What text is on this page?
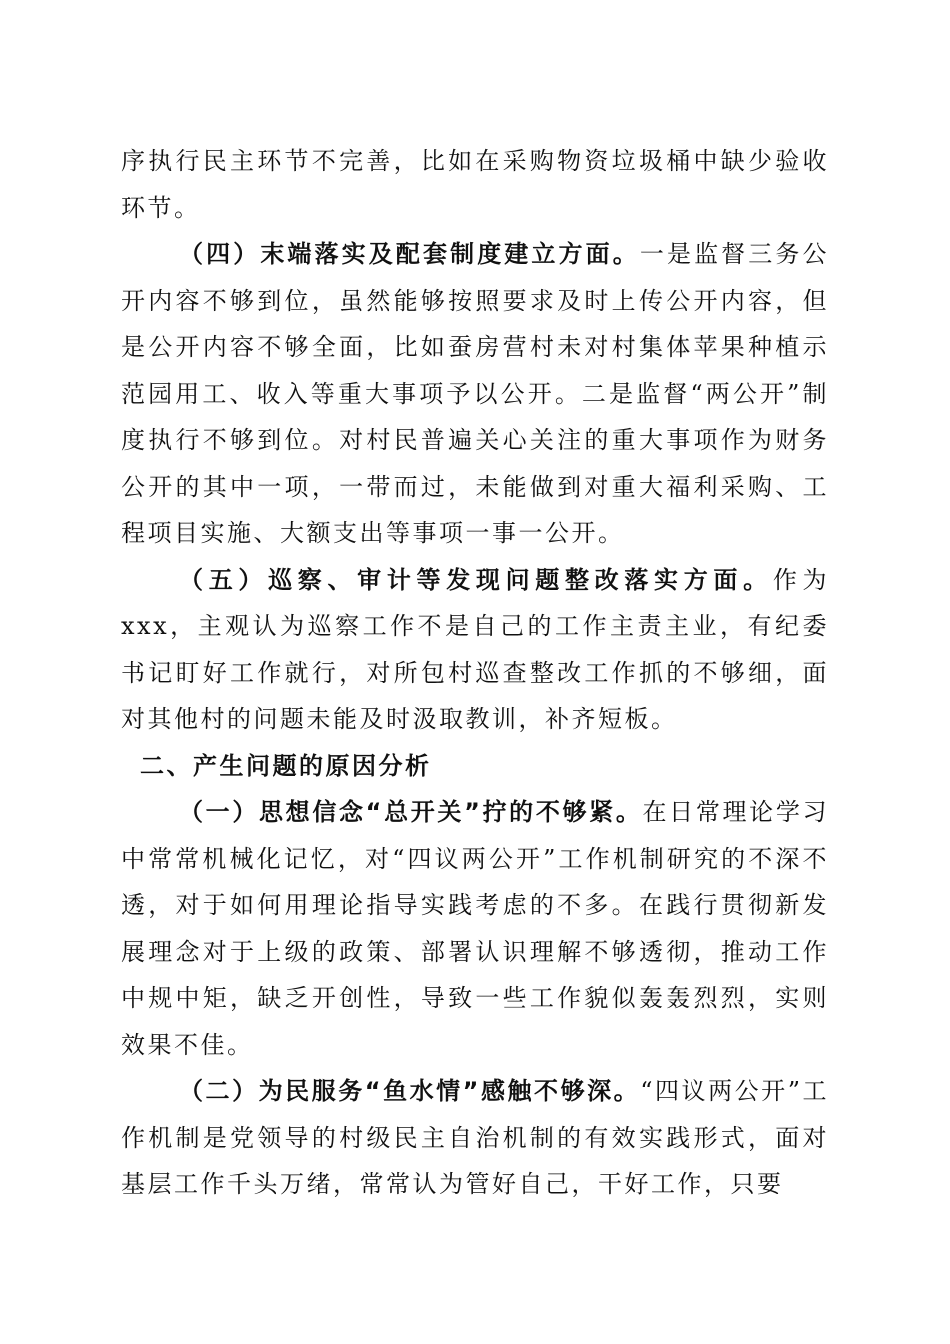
序执行民主环节不完善，比如在采购物资垃圾桶中缺少验收环节。

（四）末端落实及配套制度建立方面。一是监督三务公开内容不够到位，虽然能够按照要求及时上传公开内容，但是公开内容不够全面，比如蚕房营村未对村集体苹果种植示范园用工、收入等重大事项予以公开。二是监督“两公开”制度执行不够到位。对村民普遍关心关注的重大事项作为财务公开的其中一项，一带而过，未能做到对重大福利采购、工程项目实施、大额支出等事项一事一公开。

（五）巡察、审计等发现问题整改落实方面。作为xxx，主观认为巡察工作不是自己的工作主责主业，有纪委书记盯好工作就行，对所包村巡查整改工作抓的不够细，面对其他村的问题未能及时汲取教训，补齐短板。

二、产生问题的原因分析

（一）思想信念“总开关”拧的不够紧。在日常理论学习中常常机械化记忆，对“四议两公开”工作机制研究的不深不透，对于如何用理论指导实践考虑的不多。在践行贯彻新发展理念对于上级的政策、部署认识理解不够透彻，推动工作中规中矩，缺乏开创性，导致一些工作貌似轰轰烈烈，实则效果不佳。

（二）为民服务“鱼水情”感触不够深。“四议两公开”工作机制是党领导的村级民主自治机制的有效实践形式，面对基层工作千头万绪，常常认为管好自己，干好工作，只要
